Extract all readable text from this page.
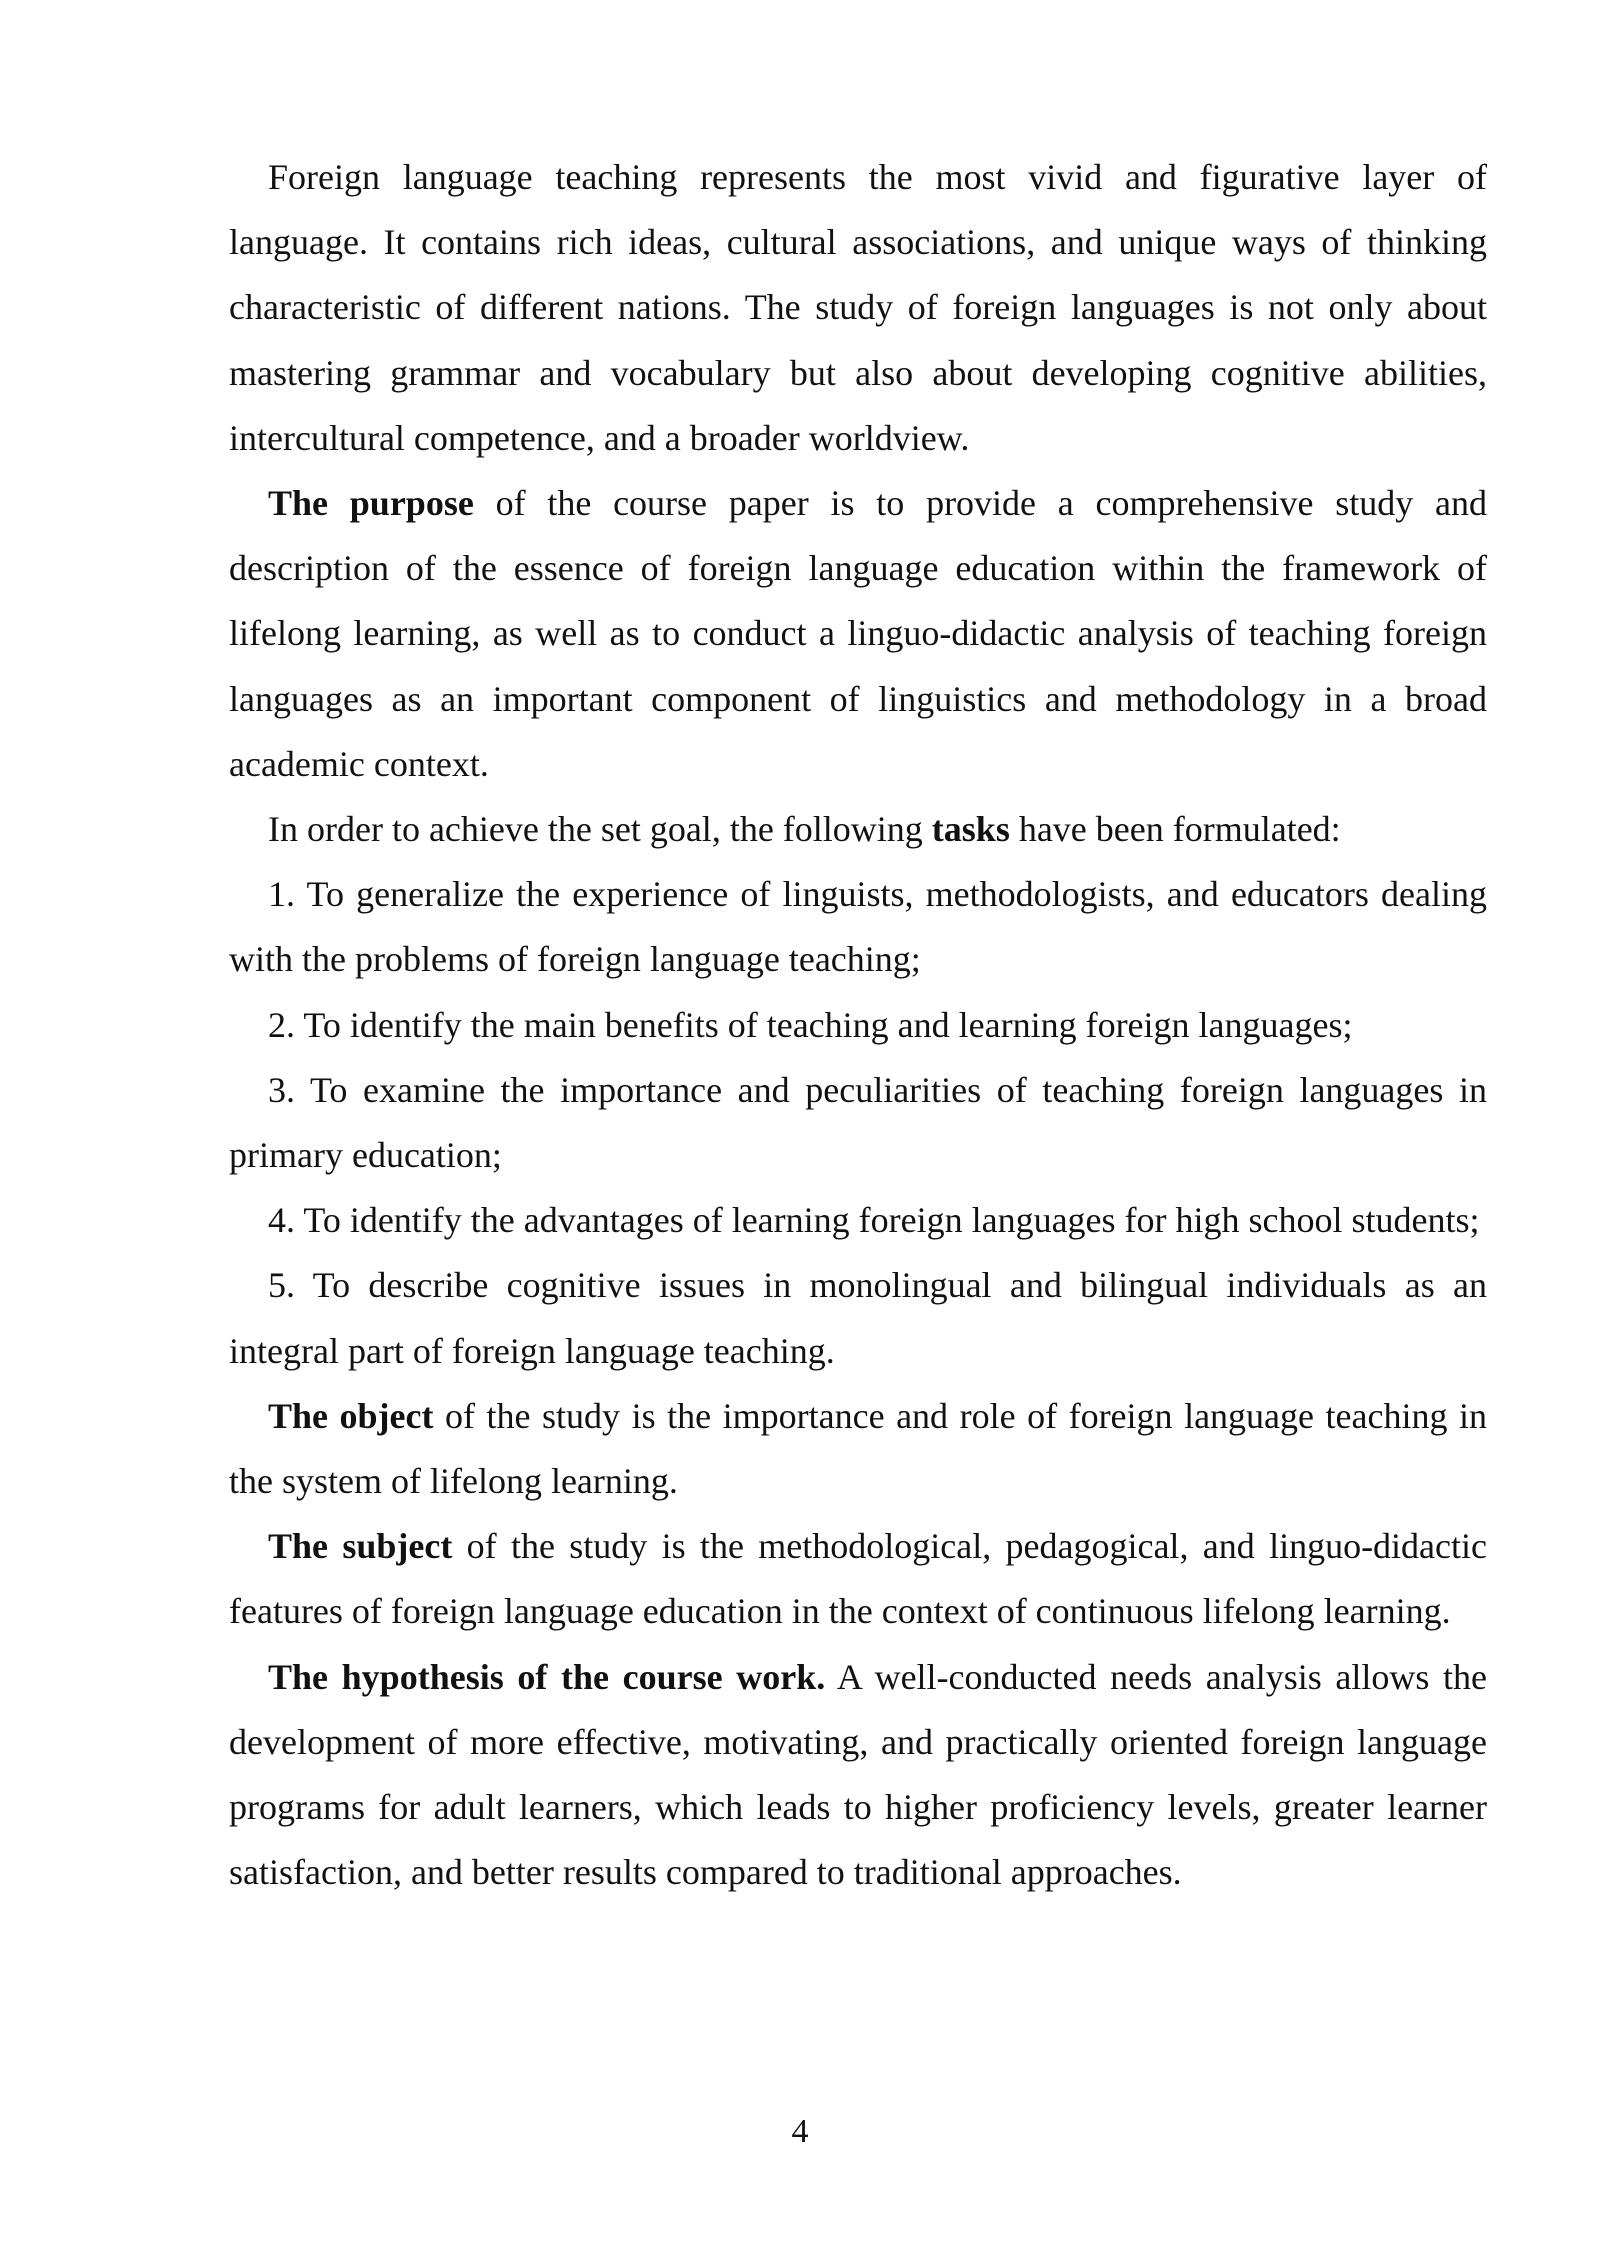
Foreign language teaching represents the most vivid and figurative layer of language. It contains rich ideas, cultural associations, and unique ways of thinking characteristic of different nations. The study of foreign languages is not only about mastering grammar and vocabulary but also about developing cognitive abilities, intercultural competence, and a broader worldview.

The purpose of the course paper is to provide a comprehensive study and description of the essence of foreign language education within the framework of lifelong learning, as well as to conduct a linguo-didactic analysis of teaching foreign languages as an important component of linguistics and methodology in a broad academic context.

In order to achieve the set goal, the following tasks have been formulated:

1. To generalize the experience of linguists, methodologists, and educators dealing with the problems of foreign language teaching;

2. To identify the main benefits of teaching and learning foreign languages;

3. To examine the importance and peculiarities of teaching foreign languages in primary education;

4. To identify the advantages of learning foreign languages for high school students;

5. To describe cognitive issues in monolingual and bilingual individuals as an integral part of foreign language teaching.

The object of the study is the importance and role of foreign language teaching in the system of lifelong learning.

The subject of the study is the methodological, pedagogical, and linguo-didactic features of foreign language education in the context of continuous lifelong learning.

The hypothesis of the course work. A well-conducted needs analysis allows the development of more effective, motivating, and practically oriented foreign language programs for adult learners, which leads to higher proficiency levels, greater learner satisfaction, and better results compared to traditional approaches.

4
